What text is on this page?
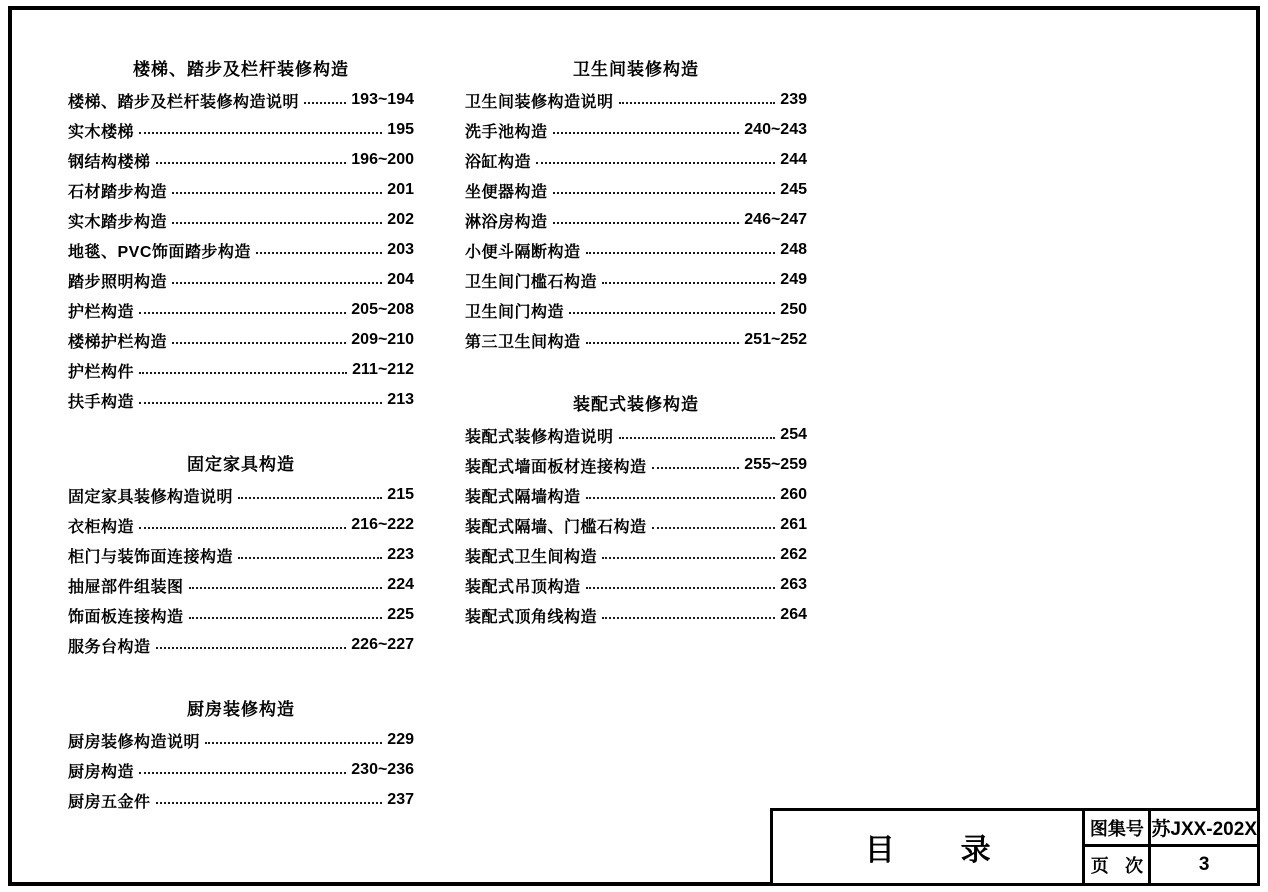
楼梯、踏步及栏杆装修构造
楼梯、踏步及栏杆装修构造说明	193~194
实木楼梯	195
钢结构楼梯	196~200
石材踏步构造	201
实木踏步构造	202
地毯、PVC饰面踏步构造	203
踏步照明构造	204
护栏构造	205~208
楼梯护栏构造	209~210
护栏构件	211~212
扶手构造	213
固定家具构造
固定家具装修构造说明	215
衣柜构造	216~222
柜门与装饰面连接构造	223
抽屉部件组装图	224
饰面板连接构造	225
服务台构造	226~227
厨房装修构造
厨房装修构造说明	229
厨房构造	230~236
厨房五金件	237
卫生间装修构造
卫生间装修构造说明	239
洗手池构造	240~243
浴缸构造	244
坐便器构造	245
淋浴房构造	246~247
小便斗隔断构造	248
卫生间门槛石构造	249
卫生间门构造	250
第三卫生间构造	251~252
装配式装修构造
装配式装修构造说明	254
装配式墙面板材连接构造	255~259
装配式隔墙构造	260
装配式隔墙、门槛石构造	261
装配式卫生间构造	262
装配式吊顶构造	263
装配式顶角线构造	264
目录
图集号 苏JXX-202X
页次	3
